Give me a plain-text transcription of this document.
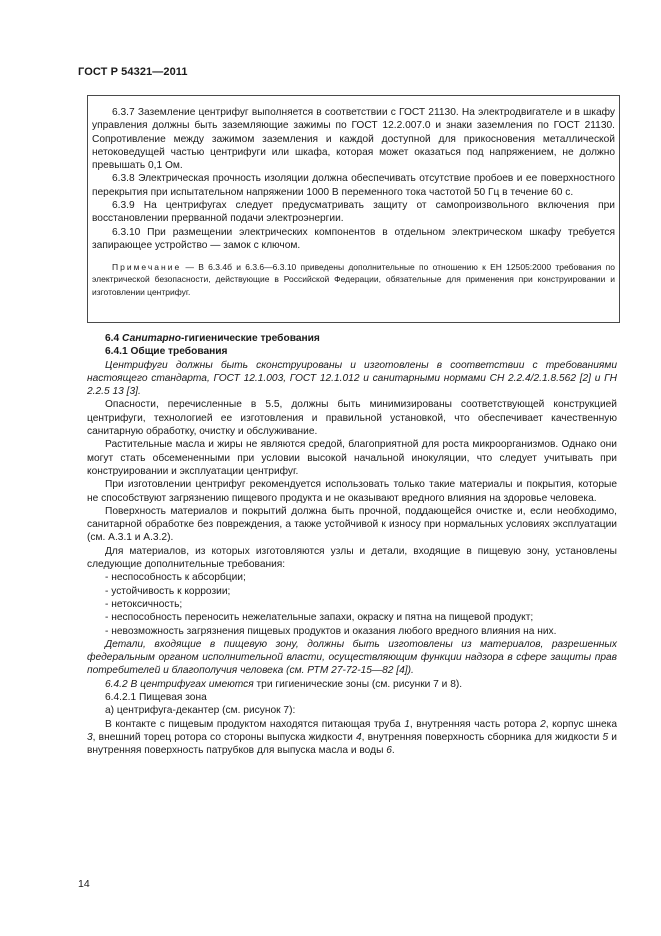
ГОСТ Р 54321—2011

6.3.7 Заземление центрифуг выполняется в соответствии с ГОСТ 21130. На электродвигателе и в шкафу управления должны быть заземляющие зажимы по ГОСТ 12.2.007.0 и знаки заземления по ГОСТ 21130. Сопротивление между зажимом заземления и каждой доступной для прикосновения металлической нетоковедущей частью центрифуги или шкафа, которая может оказаться под напряжением, не должно превышать 0,1 Ом.

6.3.8 Электрическая прочность изоляции должна обеспечивать отсутствие пробоев и ее поверхностного перекрытия при испытательном напряжении 1000 В переменного тока частотой 50 Гц в течение 60 с.

6.3.9 На центрифугах следует предусматривать защиту от самопроизвольного включения при восстановлении прерванной подачи электроэнергии.

6.3.10 При размещении электрических компонентов в отдельном электрическом шкафу требуется запирающее устройство — замок с ключом.

Примечание — В 6.3.4б и 6.3.6—6.3.10 приведены дополнительные по отношению к ЕН 12505:2000 требования по электрической безопасности, действующие в Российской Федерации, обязательные для применения при конструировании и изготовлении центрифуг.

6.4 Санитарно-гигиенические требования

6.4.1 Общие требования

Центрифуги должны быть сконструированы и изготовлены в соответствии с требованиями настоящего стандарта, ГОСТ 12.1.003, ГОСТ 12.1.012 и санитарными нормами СН 2.2.4/2.1.8.562 [2] и ГН 2.2.5 13 [3].

Опасности, перечисленные в 5.5, должны быть минимизированы соответствующей конструкцией центрифуги, технологией ее изготовления и правильной установкой, что обеспечивает качественную санитарную обработку, очистку и обслуживание.

Растительные масла и жиры не являются средой, благоприятной для роста микроорганизмов. Однако они могут стать обсемененными при условии высокой начальной инокуляции, что следует учитывать при конструировании и эксплуатации центрифуг.

При изготовлении центрифуг рекомендуется использовать только такие материалы и покрытия, которые не способствуют загрязнению пищевого продукта и не оказывают вредного влияния на здоровье человека.

Поверхность материалов и покрытий должна быть прочной, поддающейся очистке и, если необходимо, санитарной обработке без повреждения, а также устойчивой к износу при нормальных условиях эксплуатации (см. А.3.1 и А.3.2).

Для материалов, из которых изготовляются узлы и детали, входящие в пищевую зону, установлены следующие дополнительные требования:

- неспособность к абсорбции;
- устойчивость к коррозии;
- нетоксичность;
- неспособность переносить нежелательные запахи, окраску и пятна на пищевой продукт;
- невозможность загрязнения пищевых продуктов и оказания любого вредного влияния на них.

Детали, входящие в пищевую зону, должны быть изготовлены из материалов, разрешенных федеральным органом исполнительной власти, осуществляющим функции надзора в сфере защиты прав потребителей и благополучия человека (см. РТМ 27-72-15—82 [4]).

6.4.2 В центрифугах имеются три гигиенические зоны (см. рисунки 7 и 8).

6.4.2.1 Пищевая зона

а) центрифуга-декантер (см. рисунок 7):

В контакте с пищевым продуктом находятся питающая труба 1, внутренняя часть ротора 2, корпус шнека 3, внешний торец ротора со стороны выпуска жидкости 4, внутренняя поверхность сборника для жидкости 5 и внутренняя поверхность патрубков для выпуска масла и воды 6.

14
